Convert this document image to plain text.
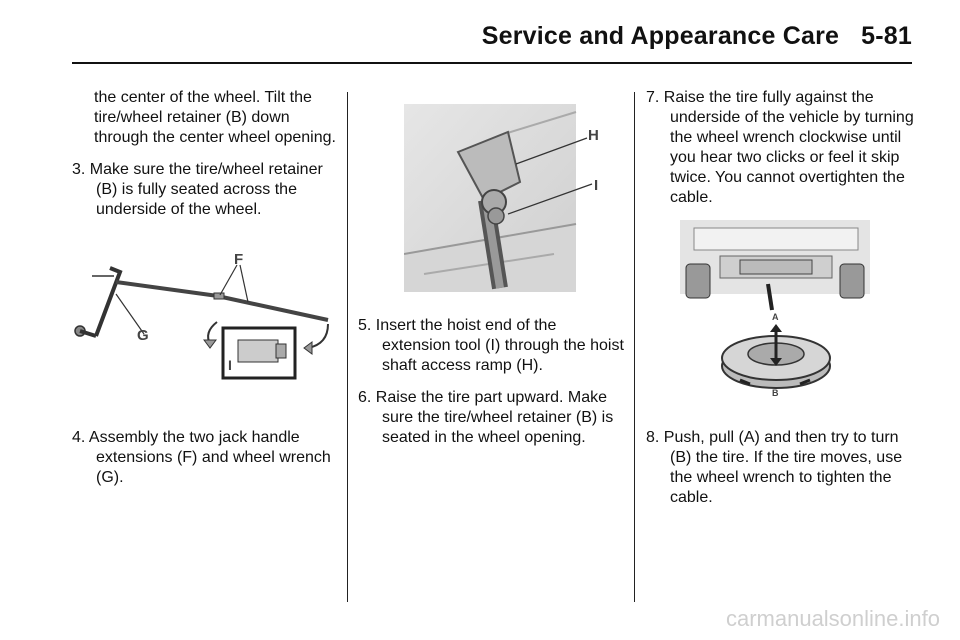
Service and Appearance Care 5-81

the center of the wheel. Tilt the tire/wheel retainer (B) down through the center wheel opening.

3. Make sure the tire/wheel retainer (B) is fully seated across the underside of the wheel.

F
G
I

4. Assembly the two jack handle extensions (F) and wheel wrench (G).

H
I

5. Insert the hoist end of the extension tool (I) through the hoist shaft access ramp (H).

6. Raise the tire part upward. Make sure the tire/wheel retainer (B) is seated in the wheel opening.

7. Raise the tire fully against the underside of the vehicle by turning the wheel wrench clockwise until you hear two clicks or feel it skip twice. You cannot overtighten the cable.

A
B

8. Push, pull (A) and then try to turn (B) the tire. If the tire moves, use the wheel wrench to tighten the cable.

carmanualsonline.info
